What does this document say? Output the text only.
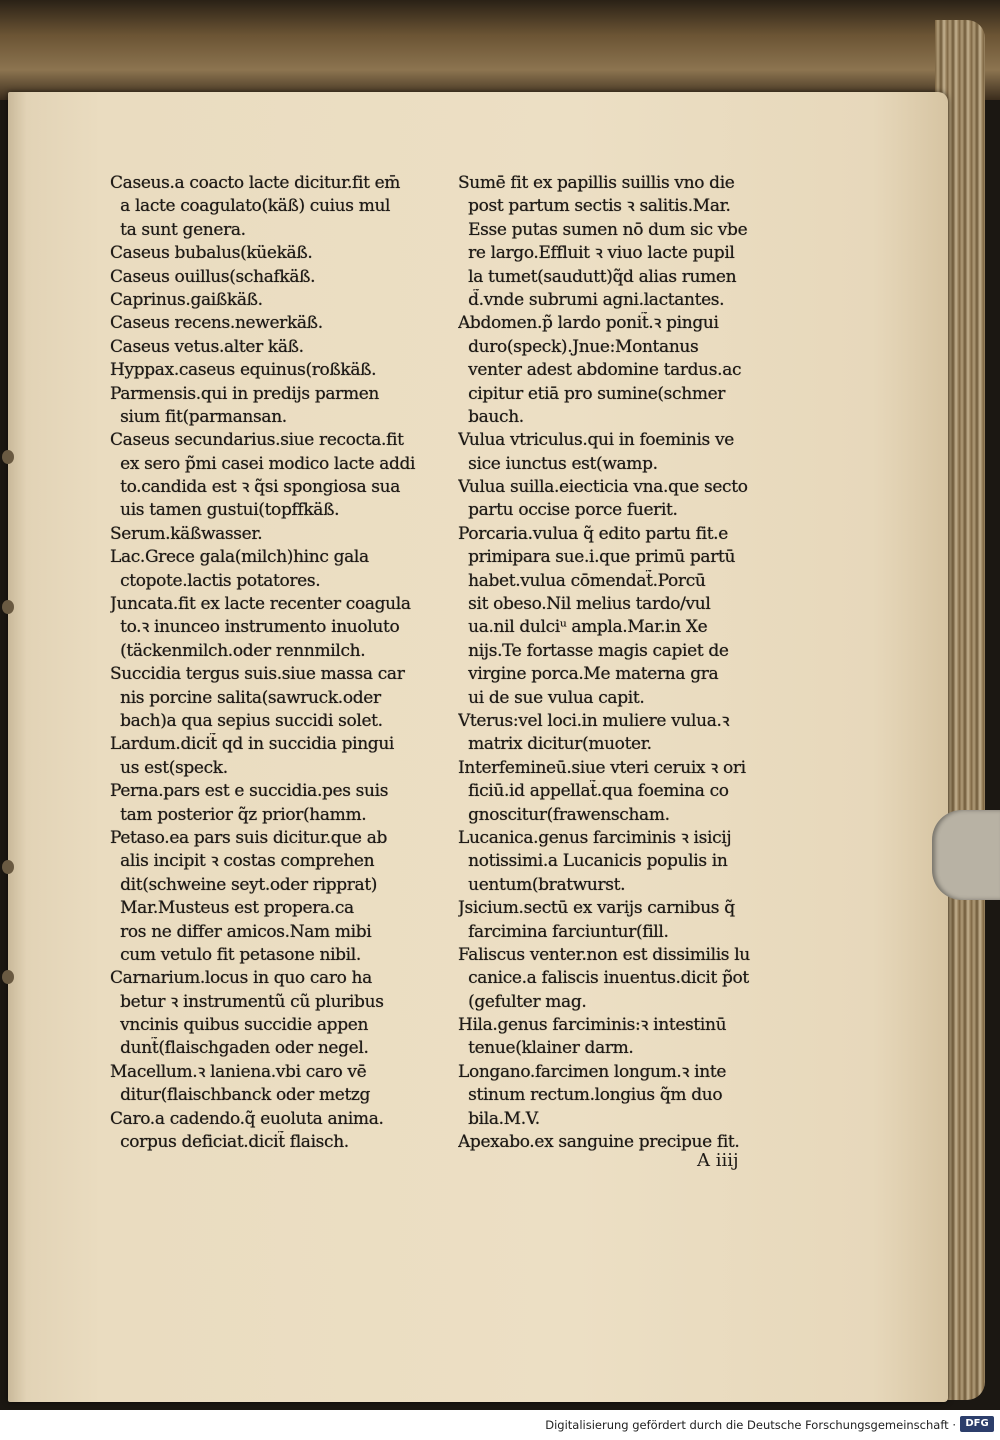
Caseus.a coacto lacte dicitur.fit em̄
a lacte coagulato(käß) cuius mul
ta sunt genera.
Caseus bubalus(küekäß.
Caseus ouillus(schafkäß.
Caprinus.gaißkäß.
Caseus recens.newerkäß.
Caseus vetus.alter käß.
Hyppax.caseus equinus(roßkäß.
Parmensis.qui in predijs parmen
sium fit(parmansan.
Caseus secundarius.siue recocta.fit
ex sero p̃mi casei modico lacte addi
to.candida est ꝛ q̃si spongiosa sua
uis tamen gustui(topffkäß.
Serum.käßwasser.
Lac.Grece gala(milch)hinc gala
ctopote.lactis potatores.
Juncata.fit ex lacte recenter coagula
to.ꝛ inunceo instrumento inuoluto
(täckenmilch.oder rennmilch.
Succidia tergus suis.siue massa car
nis porcine salita(sawruck.oder
bach)a qua sepius succidi solet.
Lardum.dicit̃ qd in succidia pingui
us est(speck.
Perna.pars est e succidia.pes suis
tam posterior q̃z prior(hamm.
Petaso.ea pars suis dicitur.que ab
alis incipit ꝛ costas comprehen
dit(schweine seyt.oder ripprat)
Mar.Musteus est propera.ca
ros ne differ amicos.Nam mibi
cum vetulo fit petasone nibil.
Carnarium.locus in quo caro ha
betur ꝛ instrumentũ cũ pluribus
vncinis quibus succidie appen
dunt̃(flaischgaden oder negel.
Macellum.ꝛ laniena.vbi caro vē
ditur(flaischbanck oder metzg
Caro.a cadendo.q̃ euoluta anima.
corpus deficiat.dicit̃ flaisch.
Sumē fit ex papillis suillis vno die
post partum sectis ꝛ salitis.Mar.
Esse putas sumen nō dum sic vbe
re largo.Effluit ꝛ viuo lacte pupil
la tumet(saudutt)q̃d alias rumen
d̃.vnde subrumi agni.lactantes.
Abdomen.p̃ lardo ponit̃.ꝛ pingui
duro(speck).Jnue:Montanus
venter adest abdomine tardus.ac
cipitur etiā pro sumine(schmer
bauch.
Vulua vtriculus.qui in foeminis ve
sice iunctus est(wamp.
Vulua suilla.eiecticia vna.que secto
partu occise porce fuerit.
Porcaria.vulua q̃ edito partu fit.e
primipara sue.i.que primū partū
habet.vulua cōmendat̃.Porcū
sit obeso.Nil melius tardo/vul
ua.nil dulciᵘ ampla.Mar.in Xe
nijs.Te fortasse magis capiet de
virgine porca.Me materna gra
ui de sue vulua capit.
Vterus:vel loci.in muliere vulua.ꝛ
matrix dicitur(muoter.
Interfemineū.siue vteri ceruix ꝛ ori
ficiū.id appellat̃.qua foemina co
gnoscitur(frawenscham.
Lucanica.genus farciminis ꝛ isicij
notissimi.a Lucanicis populis in
uentum(bratwurst.
Jsicium.sectū ex varijs carnibus q̃
farcimina farciuntur(fill.
Faliscus venter.non est dissimilis lu
canice.a faliscis inuentus.dicit p̃ot
(gefulter mag.
Hila.genus farciminis:ꝛ intestinū
tenue(klainer darm.
Longano.farcimen longum.ꝛ inte
stinum rectum.longius q̃m duo
bila.M.V.
Apexabo.ex sanguine precipue fit.
A iiij
Digitalisierung gefördert durch die Deutsche Forschungsgemeinschaft · DFG
